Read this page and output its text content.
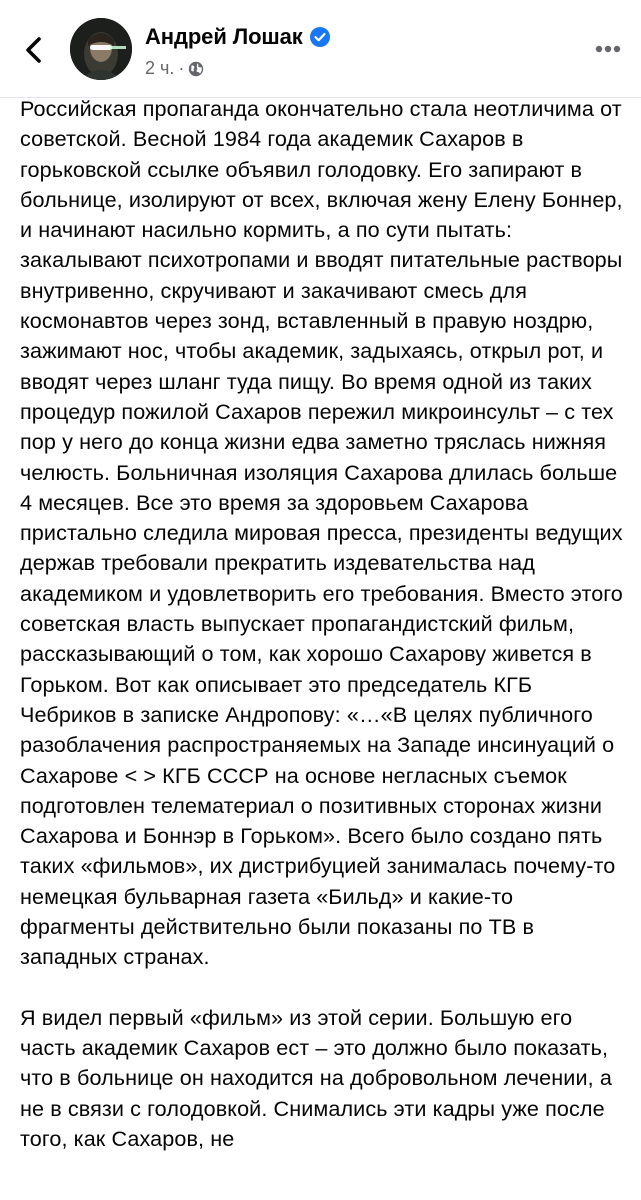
Андрей Лошак
2 ч. ·

Российская пропаганда окончательно стала неотличима от советской. Весной 1984 года академик Сахаров в горьковской ссылке объявил голодовку. Его запирают в больнице, изолируют от всех, включая жену Елену Боннер, и начинают насильно кормить, а по сути пытать: закалывают психотропами и вводят питательные растворы внутривенно, скручивают и закачивают смесь для космонавтов через зонд, вставленный в правую ноздрю, зажимают нос, чтобы академик, задыхаясь, открыл рот, и вводят через шланг туда пищу. Во время одной из таких процедур пожилой Сахаров пережил микроинсульт – с тех пор у него до конца жизни едва заметно тряслась нижняя челюсть. Больничная изоляция Сахарова длилась больше 4 месяцев. Все это время за здоровьем Сахарова пристально следила мировая пресса, президенты ведущих держав требовали прекратить издевательства над академиком и удовлетворить его требования. Вместо этого советская власть выпускает пропагандистский фильм, рассказывающий о том, как хорошо Сахарову живется в Горьком. Вот как описывает это председатель КГБ Чебриков в записке Андропову: «…«В целях публичного разоблачения распространяемых на Западе инсинуаций о Сахарове < > КГБ СССР на основе негласных съемок подготовлен телематериал о позитивных сторонах жизни Сахарова и Боннэр в Горьком». Всего было создано пять таких «фильмов», их дистрибуцией занималась почему-то немецкая бульварная газета «Бильд» и какие-то фрагменты действительно были показаны по ТВ в западных странах.

Я видел первый «фильм» из этой серии. Большую его часть академик Сахаров ест – это должно было показать, что в больнице он находится на добровольном лечении, а не в связи с голодовкой. Снимались эти кадры уже после того, как Сахаров, не
